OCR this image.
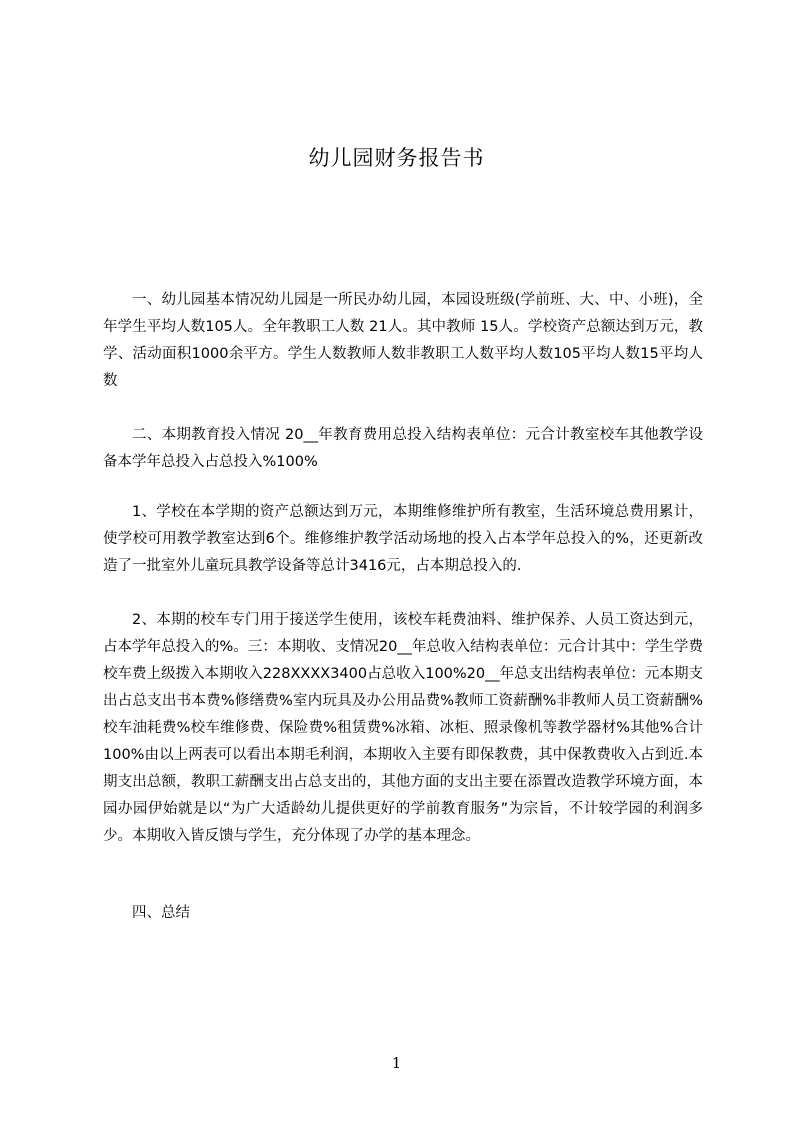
幼儿园财务报告书

一、幼儿园基本情况幼儿园是一所民办幼儿园，本园设班级(学前班、大、中、小班)，全年学生平均人数105人。全年教职工人数 21人。其中教师 15人。学校资产总额达到万元，教学、活动面积1000余平方。学生人数教师人数非教职工人数平均人数105平均人数15平均人数

二、本期教育投入情况 20__年教育费用总投入结构表单位：元合计教室校车其他教学设备本学年总投入占总投入%100%

1、学校在本学期的资产总额达到万元，本期维修维护所有教室，生活环境总费用累计，使学校可用教学教室达到6个。维修维护教学活动场地的投入占本学年总投入的%，还更新改造了一批室外儿童玩具教学设备等总计3416元，占本期总投入的.

2、本期的校车专门用于接送学生使用，该校车耗费油料、维护保养、人员工资达到元，占本学年总投入的%。三：本期收、支情况20__年总收入结构表单位：元合计其中：学生学费校车费上级拨入本期收入228XXXX3400占总收入100%20__年总支出结构表单位：元本期支出占总支出书本费%修缮费%室内玩具及办公用品费%教师工资薪酬%非教师人员工资薪酬%校车油耗费%校车维修费、保险费%租赁费%冰箱、冰柜、照录像机等教学器材%其他%合计100%由以上两表可以看出本期毛利润，本期收入主要有即保教费，其中保教费收入占到近.本期支出总额，教职工薪酬支出占总支出的，其他方面的支出主要在添置改造教学环境方面，本园办园伊始就是以“为广大适龄幼儿提供更好的学前教育服务”为宗旨，不计较学园的利润多少。本期收入皆反馈与学生，充分体现了办学的基本理念。

四、总结

1
